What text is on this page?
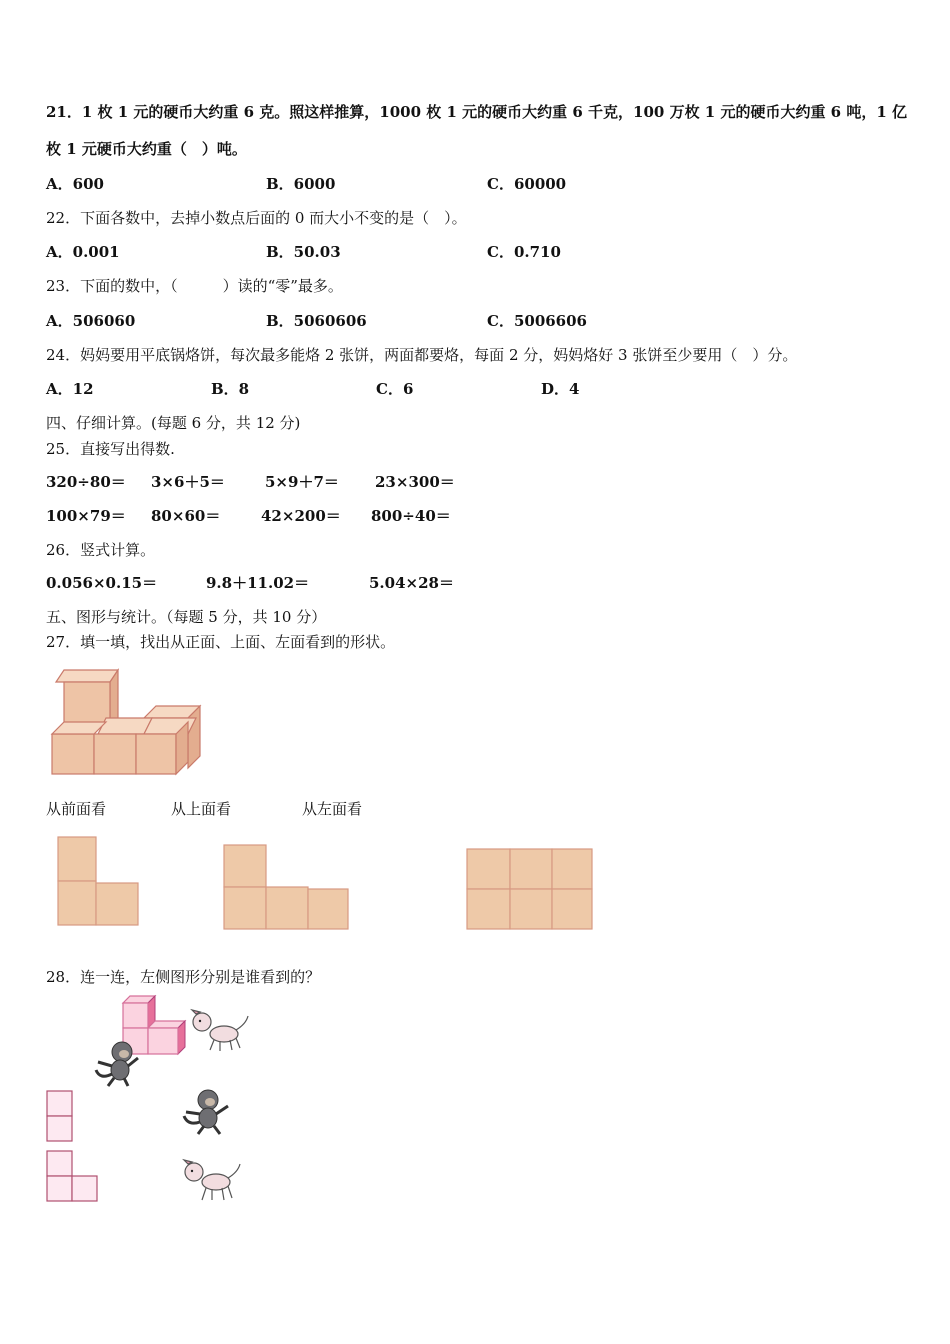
21．1 枚 1 元的硬币大约重 6 克。照这样推算，1000 枚 1 元的硬币大约重 6 千克，100 万枚 1 元的硬币大约重 6 吨，1 亿
枚 1 元硬币大约重（　）吨。
A．600	B．6000	C．60000
22．下面各数中，去掉小数点后面的 0 而大小不变的是（　）。
A．0.001	B．50.03	C．0.710
23．下面的数中，（　　　）读的“零”最多。
A．506060	B．5060606	C．5006606
24．妈妈要用平底锅烙饼，每次最多能烙 2 张饼，两面都要烙，每面 2 分，妈妈烙好 3 张饼至少要用（　）分。
A．12	B．8	C．6	D．4
四、仔细计算。(每题 6 分，共 12 分)
25．直接写出得数.
320÷80＝ 3×6＋5＝	5×9＋7＝ 23×300＝
100×79＝ 80×60＝	42×200＝ 800÷40＝
26．竖式计算。
0.056×0.15＝	9.8＋11.02＝	5.04×28＝
五、图形与统计。（每题 5 分，共 10 分）
27．填一填，找出从正面、上面、左面看到的形状。
从前面看	从上面看	从左面看
28．连一连，左侧图形分别是谁看到的？
